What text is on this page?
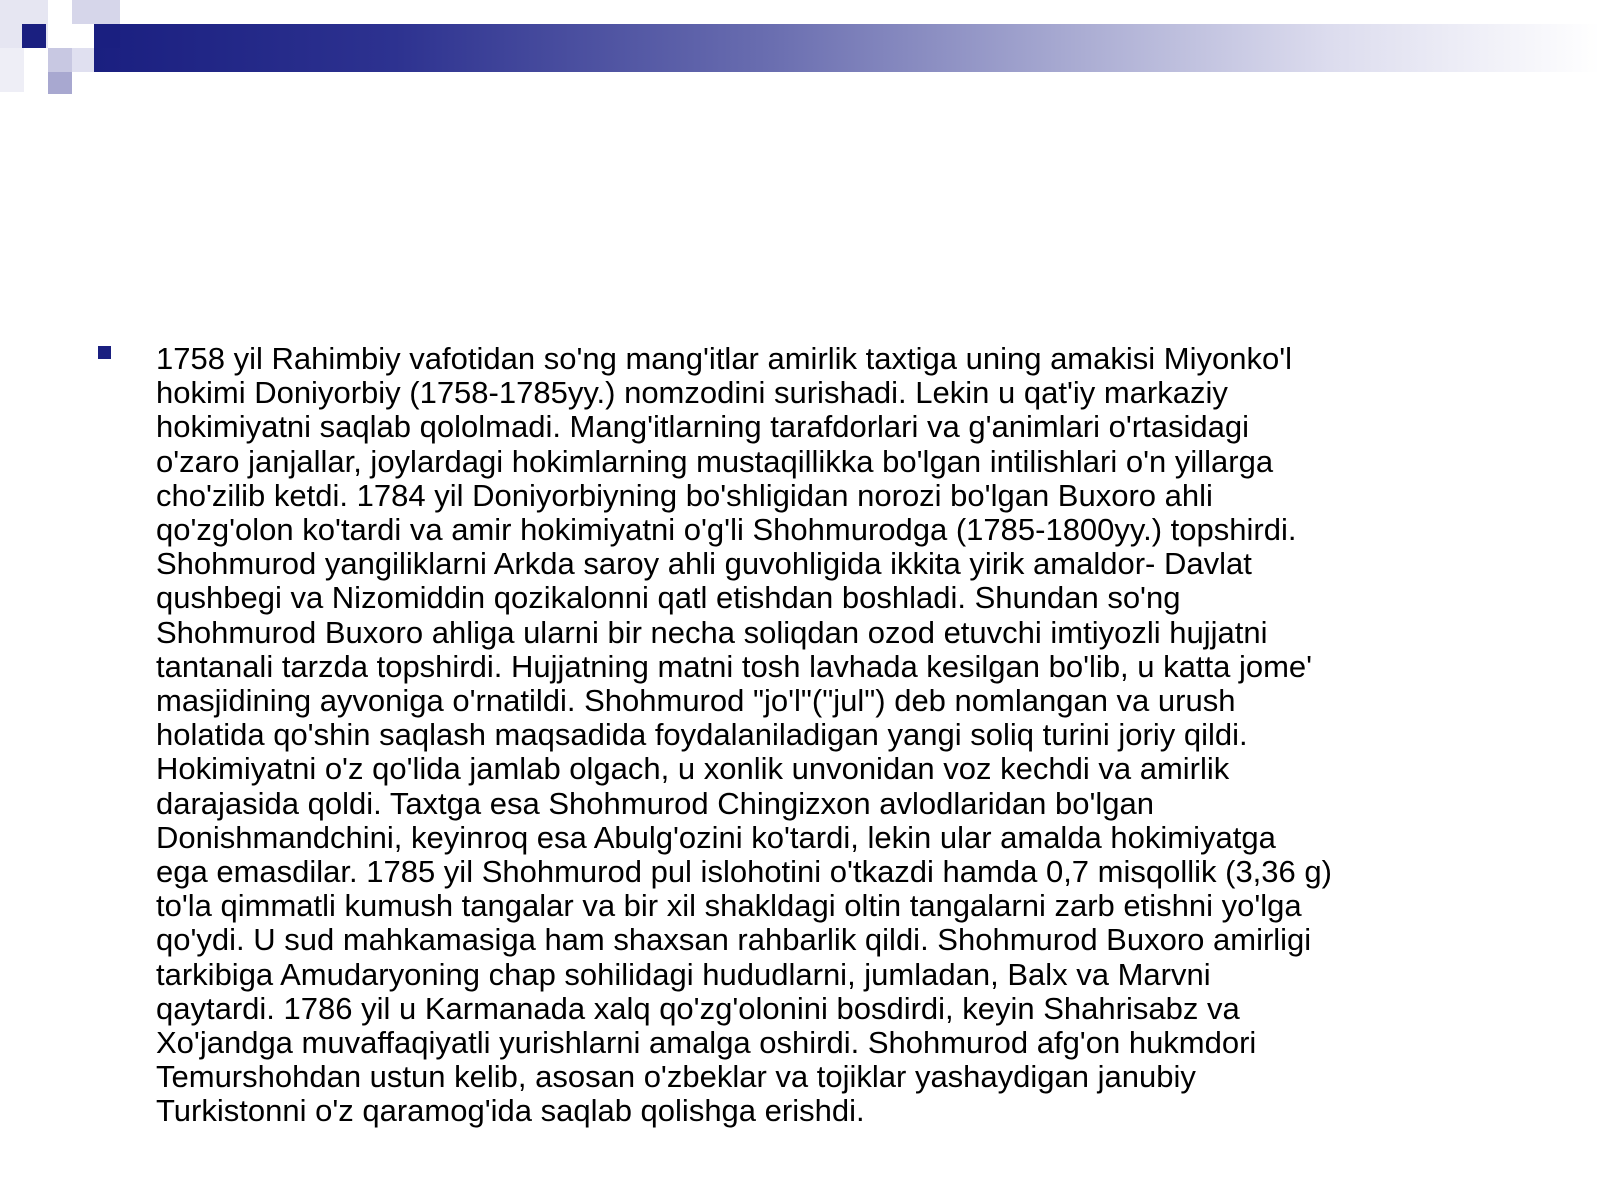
1758 yil Rahimbiy vafotidan so'ng mang'itlar amirlik taxtiga uning amakisi Miyonko'l
hokimi Doniyorbiy (1758-1785yy.) nomzodini surishadi. Lekin u qat'iy markaziy
hokimiyatni saqlab qololmadi. Mang'itlarning tarafdorlari va g'animlari o'rtasidagi
o'zaro janjallar, joylardagi hokimlarning mustaqillikka bo'lgan intilishlari o'n yillarga
cho'zilib ketdi. 1784 yil Doniyorbiyning bo'shligidan norozi bo'lgan Buxoro ahli
qo'zg'olon ko'tardi va amir hokimiyatni o'g'li Shohmurodga (1785-1800yy.) topshirdi.
Shohmurod yangiliklarni Arkda saroy ahli guvohligida ikkita yirik amaldor- Davlat
qushbegi va Nizomiddin qozikalonni qatl etishdan boshladi. Shundan so'ng
Shohmurod Buxoro ahliga ularni bir necha soliqdan ozod etuvchi imtiyozli hujjatni
tantanali tarzda topshirdi. Hujjatning matni tosh lavhada kesilgan bo'lib, u katta jome'
masjidining ayvoniga o'rnatildi. Shohmurod "jo'l"("jul") deb nomlangan va urush
holatida qo'shin saqlash maqsadida foydalaniladigan yangi soliq turini joriy qildi.
Hokimiyatni o'z qo'lida jamlab olgach, u xonlik unvonidan voz kechdi va amirlik
darajasida qoldi. Taxtga esa Shohmurod Chingizxon avlodlaridan bo'lgan
Donishmandchini, keyinroq esa Abulg'ozini ko'tardi, lekin ular amalda hokimiyatga
ega emasdilar. 1785 yil Shohmurod pul islohotini o'tkazdi hamda 0,7 misqollik (3,36 g)
to'la qimmatli kumush tangalar va bir xil shakldagi oltin tangalarni zarb etishni yo'lga
qo'ydi. U sud mahkamasiga ham shaxsan rahbarlik qildi. Shohmurod Buxoro amirligi
tarkibiga Amudaryoning chap sohilidagi hududlarni, jumladan, Balx va Marvni
qaytardi. 1786 yil u Karmanada xalq qo'zg'olonini bosdirdi, keyin Shahrisabz va
Xo'jandga muvaffaqiyatli yurishlarni amalga oshirdi. Shohmurod afg'on hukmdori
Temurshohdan ustun kelib, asosan o'zbeklar va tojiklar yashaydigan janubiy
Turkistonni o'z qaramog'ida saqlab qolishga erishdi.
